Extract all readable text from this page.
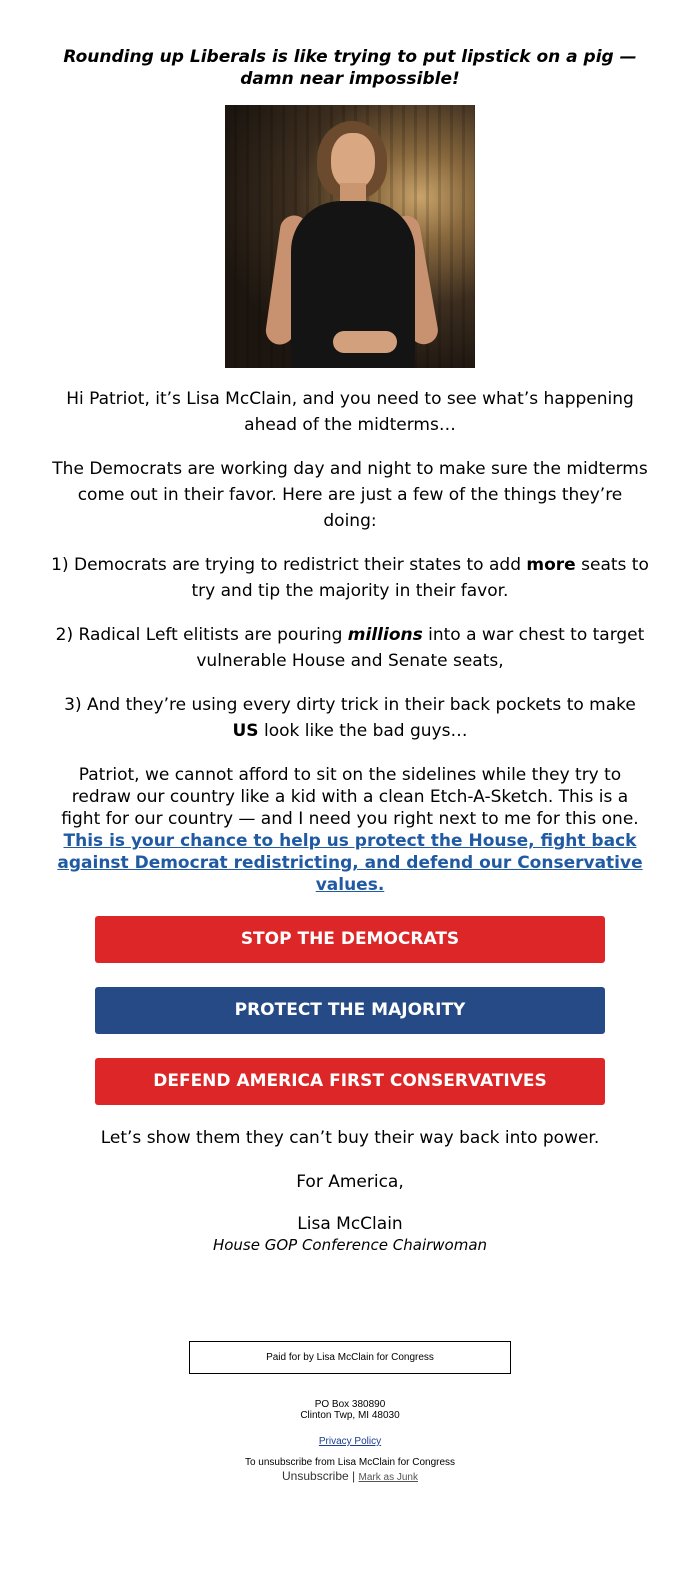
Rounding up Liberals is like trying to put lipstick on a pig — damn near impossible!

Hi Patriot, it’s Lisa McClain, and you need to see what’s happening ahead of the midterms…

The Democrats are working day and night to make sure the midterms come out in their favor. Here are just a few of the things they’re doing:

1) Democrats are trying to redistrict their states to add more seats to try and tip the majority in their favor.

2) Radical Left elitists are pouring millions into a war chest to target vulnerable House and Senate seats,

3) And they’re using every dirty trick in their back pockets to make US look like the bad guys…

Patriot, we cannot afford to sit on the sidelines while they try to redraw our country like a kid with a clean Etch-A-Sketch. This is a fight for our country — and I need you right next to me for this one. This is your chance to help us protect the House, fight back against Democrat redistricting, and defend our Conservative values.

STOP THE DEMOCRATS
PROTECT THE MAJORITY
DEFEND AMERICA FIRST CONSERVATIVES

Let’s show them they can’t buy their way back into power.

For America,

Lisa McClain

House GOP Conference Chairwoman

Paid for by Lisa McClain for Congress
PO Box 380890
Clinton Twp, MI 48030
Privacy Policy
To unsubscribe from Lisa McClain for Congress
Unsubscribe | Mark as Junk
